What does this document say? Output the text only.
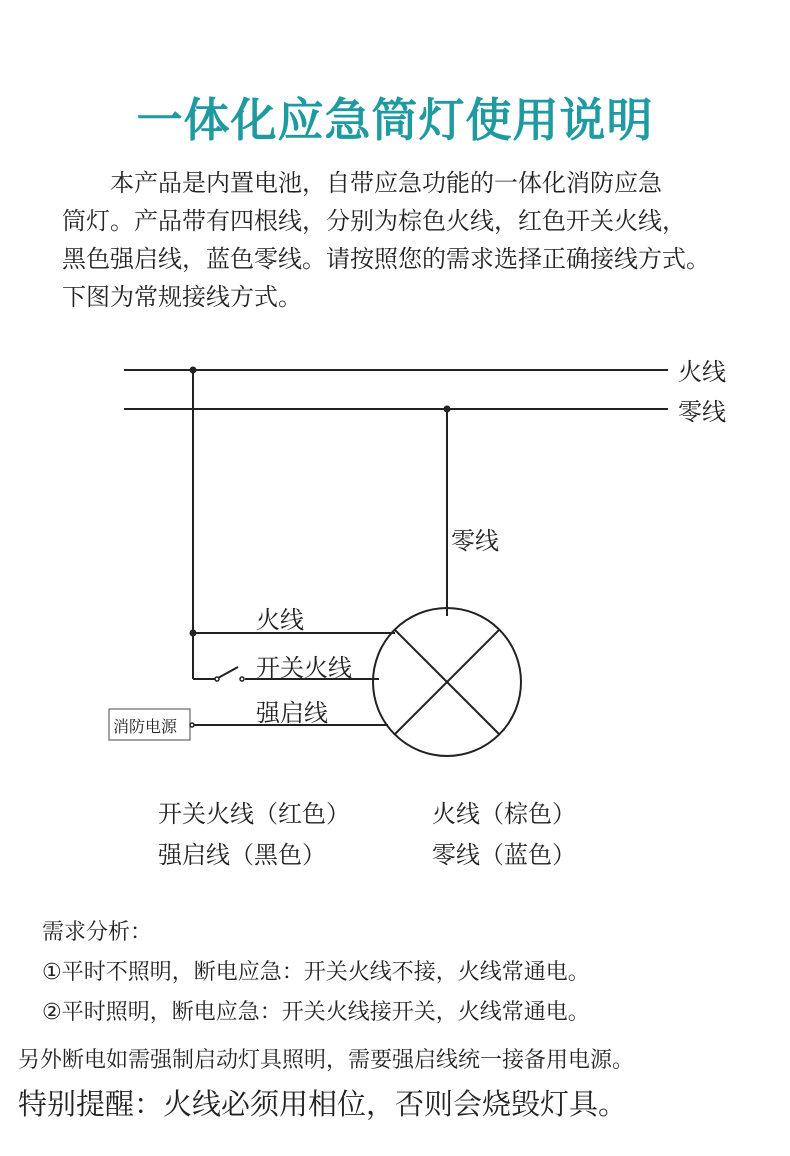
一体化应急筒灯使用说明
本产品是内置电池，自带应急功能的一体化消防应急
筒灯。产品带有四根线，分别为棕色火线，红色开关火线，
黑色强启线，蓝色零线。请按照您的需求选择正确接线方式。
下图为常规接线方式。
火线
零线
零线
火线
开关火线
强启线
消防电源
开关火线（红色）	火线（棕色）
强启线（黑色）	零线（蓝色）
需求分析：
①平时不照明，断电应急：开关火线不接，火线常通电。
②平时照明，断电应急：开关火线接开关，火线常通电。
另外断电如需强制启动灯具照明，需要强启线统一接备用电源。
特别提醒：火线必须用相位，否则会烧毁灯具。
